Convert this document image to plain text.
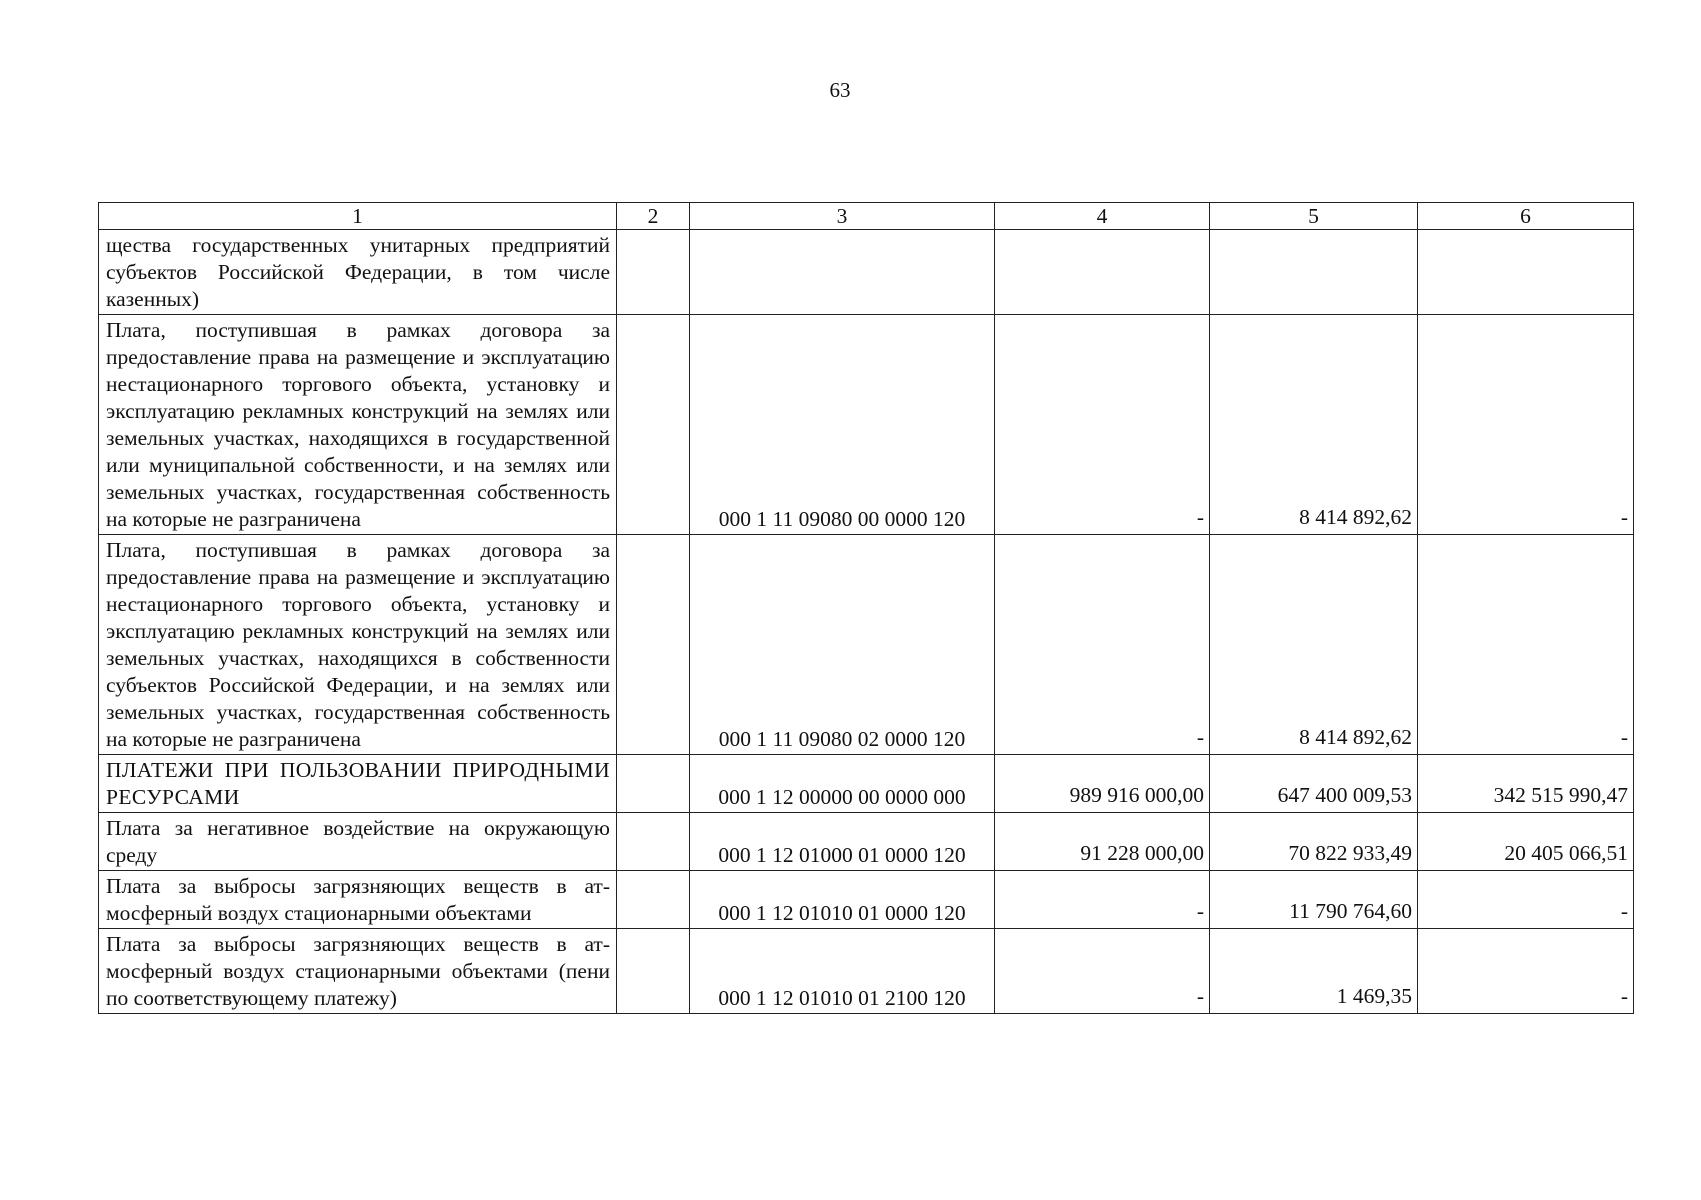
63
1	2	3	4	5	6
щества государственных унитарных предприятий субъектов Российской Федерации, в том числе казенных)					
Плата, поступившая в рамках договора за предоставление права на размещение и эксплуатацию нестационарного торгового объекта, установку и эксплуатацию рекламных конструкций на землях или земельных участках, находящихся в государственной или муниципальной собственности, и на землях или земельных участках, государственная собственность на которые не разграничена		000 1 11 09080 00 0000 120	-	8 414 892,62	-
Плата, поступившая в рамках договора за предоставление права на размещение и эксплуатацию нестационарного торгового объекта, установку и эксплуатацию рекламных конструкций на землях или земельных участках, находящихся в собственности субъектов Российской Федерации, и на землях или земельных участках, государственная собственность на которые не разграничена		000 1 11 09080 02 0000 120	-	8 414 892,62	-
ПЛАТЕЖИ ПРИ ПОЛЬЗОВАНИИ ПРИРОДНЫМИ РЕСУРСАМИ		000 1 12 00000 00 0000 000	989 916 000,00	647 400 009,53	342 515 990,47
Плата за негативное воздействие на окружающую среду		000 1 12 01000 01 0000 120	91 228 000,00	70 822 933,49	20 405 066,51
Плата за выбросы загрязняющих веществ в атмосферный воздух стационарными объектами		000 1 12 01010 01 0000 120	-	11 790 764,60	-
Плата за выбросы загрязняющих веществ в атмосферный воздух стационарными объектами (пени по соответствующему платежу)		000 1 12 01010 01 2100 120	-	1 469,35	-
